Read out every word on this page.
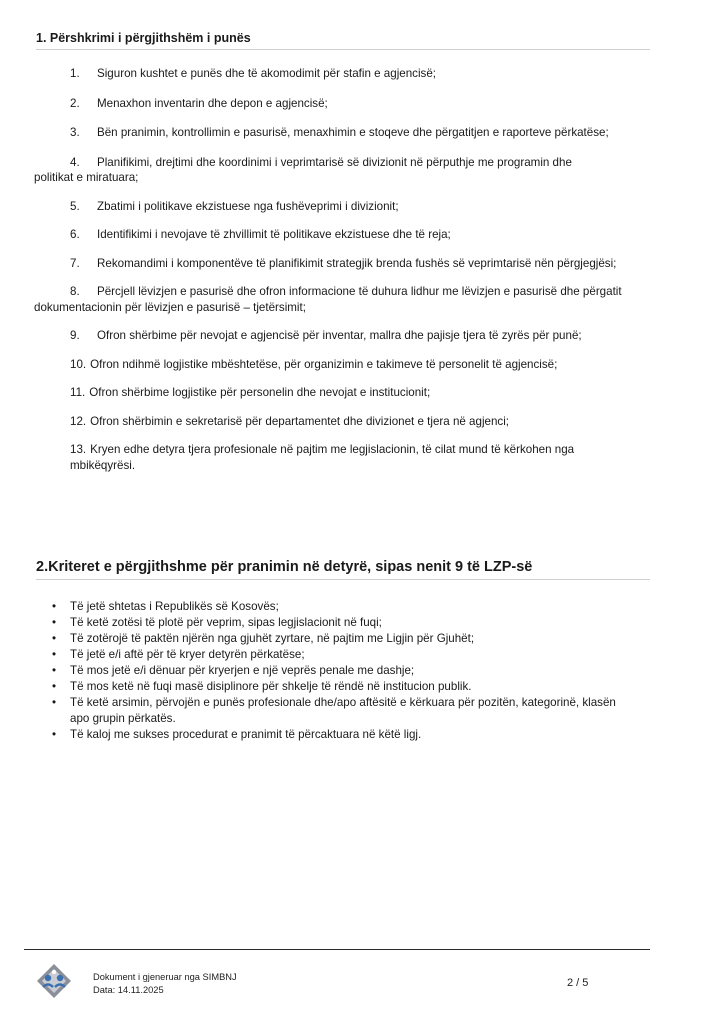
1. Përshkrimi i përgjithshëm i punës
1. Siguron kushtet e punës dhe të akomodimit për stafin e agjencisë;
2. Menaxhon inventarin dhe depon e agjencisë;
3. Bën pranimin, kontrollimin e pasurisë, menaxhimin e stoqeve dhe përgatitjen e raporteve përkatëse;
4. Planifikimi, drejtimi dhe koordinimi i veprimtarisë së divizionit në përputhje me programin dhe
politikat e miratuara;
5. Zbatimi i politikave ekzistuese nga fushëveprimi i divizionit;
6. Identifikimi i nevojave të zhvillimit të politikave ekzistuese dhe të reja;
7. Rekomandimi i komponentëve të planifikimit strategjik brenda fushës së veprimtarisë nën përgjegjësi;
8. Përcjell lëvizjen e pasurisë dhe ofron informacione të duhura lidhur me lëvizjen e pasurisë dhe përgatit
dokumentacionin për lëvizjen e pasurisë – tjetërsimit;
9. Ofron shërbime për nevojat e agjencisë për inventar, mallra dhe pajisje tjera të zyrës për punë;
10. Ofron ndihmë logjistike mbështetëse, për organizimin e takimeve të personelit të agjencisë;
11. Ofron shërbime logjistike për personelin dhe nevojat e institucionit;
12. Ofron shërbimin e sekretarisë për departamentet dhe divizionet e tjera në agjenci;
13. Kryen edhe detyra tjera profesionale në pajtim me legjislacionin, të cilat mund të kërkohen nga
mbikëqyrësi.
2.Kriteret e përgjithshme për pranimin në detyrë, sipas nenit 9 të LZP-së
• Të jetë shtetas i Republikës së Kosovës;
• Të ketë zotësi të plotë për veprim, sipas legjislacionit në fuqi;
• Të zotërojë të paktën njërën nga gjuhët zyrtare, në pajtim me Ligjin për Gjuhët;
• Të jetë e/i aftë për të kryer detyrën përkatëse;
• Të mos jetë e/i dënuar për kryerjen e një veprës penale me dashje;
• Të mos ketë në fuqi masë disiplinore për shkelje të rëndë në institucion publik.
• Të ketë arsimin, përvojën e punës profesionale dhe/apo aftësitë e kërkuara për pozitën, kategorinë, klasën
apo grupin përkatës.
• Të kaloj me sukses procedurat e pranimit të përcaktuara në këtë ligj.
Dokument i gjeneruar nga SIMBNJ
Data: 14.11.2025
2 / 5
